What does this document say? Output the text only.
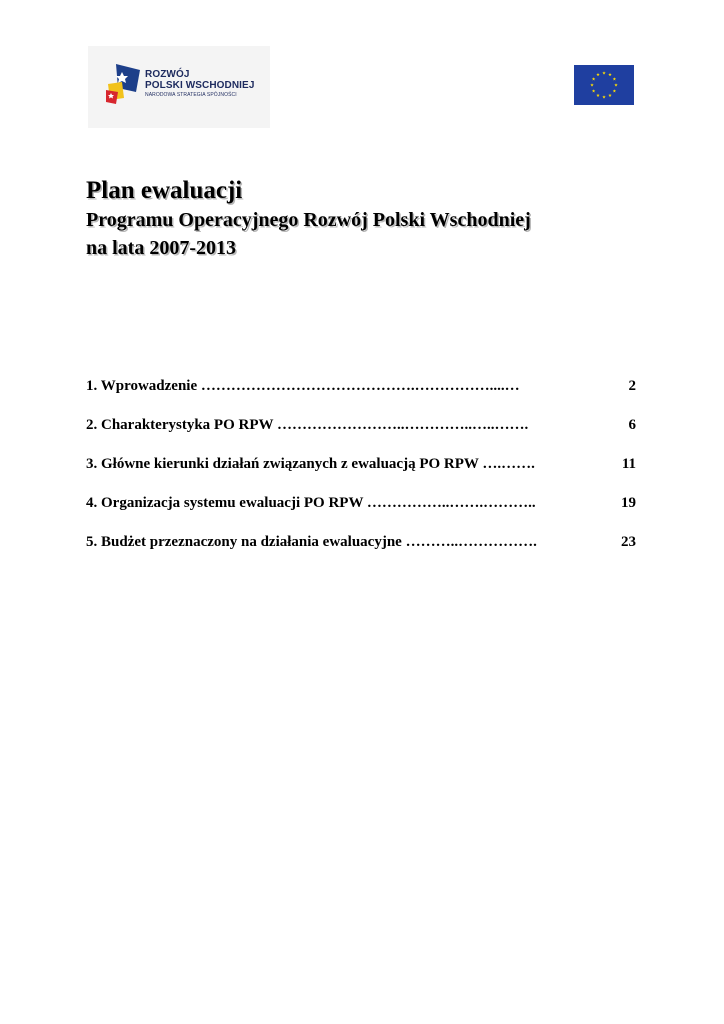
ROZWÓJ
POLSKI WSCHODNIEJ
NARODOWA STRATEGIA SPÓJNOŚCI
Plan ewaluacji
Programu Operacyjnego Rozwój Polski Wschodniej
na lata 2007-2013
1. Wprowadzenie …………………………………….……………....…	2
2. Charakterystyka PO RPW ……………………..…………..…..…….	6
3. Główne kierunki działań związanych z ewaluacją PO RPW ….…….	11
4. Organizacja systemu ewaluacji PO RPW ……………..…….………..	19
5. Budżet przeznaczony na działania ewaluacyjne ………..…………….	23
